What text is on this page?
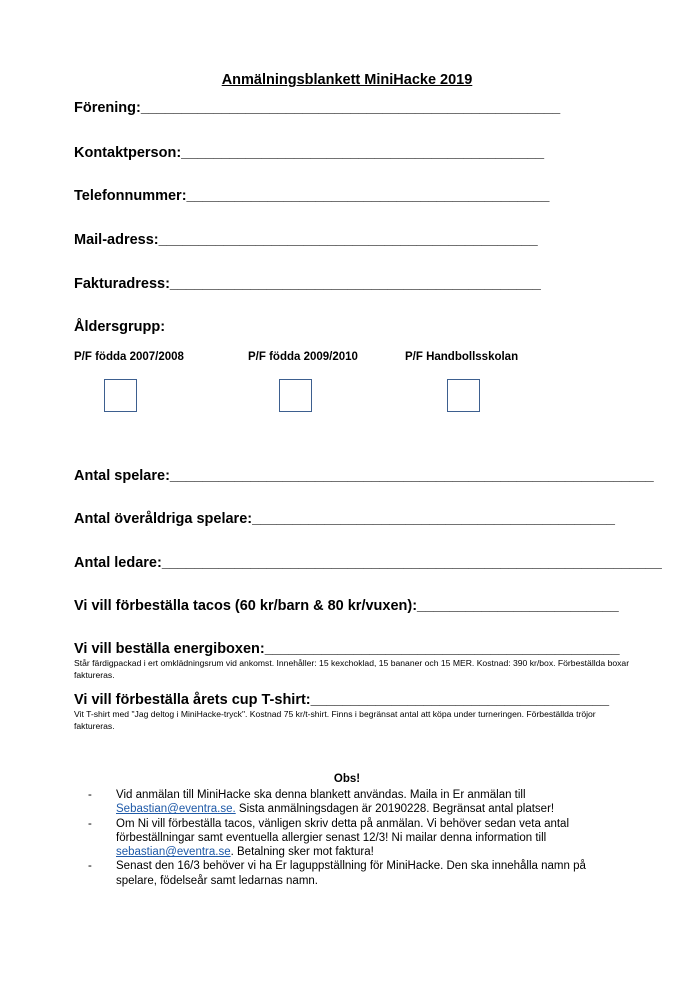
Anmälningsblankett MiniHacke 2019
Förening:____________________________________________________
Kontaktperson:_____________________________________________
Telefonnummer:_____________________________________________
Mail-adress:_______________________________________________
Fakturadress:______________________________________________
Åldersgrupp:
P/F födda 2007/2008	P/F födda 2009/2010	P/F Handbollsskolan
Antal spelare:____________________________________________________________
Antal överåldriga spelare:_____________________________________________
Antal ledare:______________________________________________________________
Vi vill förbeställa tacos (60 kr/barn & 80 kr/vuxen):_________________________
Vi vill beställa energiboxen:____________________________________________
Står färdigpackad i ert omklädningsrum vid ankomst. Innehåller: 15 kexchoklad, 15 bananer och 15 MER. Kostnad: 390 kr/box. Förbeställda boxar faktureras.
Vi vill förbeställa årets cup T-shirt:_____________________________________
Vit T-shirt med "Jag deltog i MiniHacke-tryck". Kostnad 75 kr/t-shirt. Finns i begränsat antal att köpa under turneringen. Förbeställda tröjor faktureras.
Obs!
-	Vid anmälan till MiniHacke ska denna blankett användas. Maila in Er anmälan till Sebastian@eventra.se. Sista anmälningsdagen är 20190228. Begränsat antal platser!
-	Om Ni vill förbeställa tacos, vänligen skriv detta på anmälan. Vi behöver sedan veta antal förbeställningar samt eventuella allergier senast 12/3! Ni mailar denna information till sebastian@eventra.se. Betalning sker mot faktura!
-	Senast den 16/3 behöver vi ha Er laguppställning för MiniHacke. Den ska innehålla namn på spelare, födelseår samt ledarnas namn.
